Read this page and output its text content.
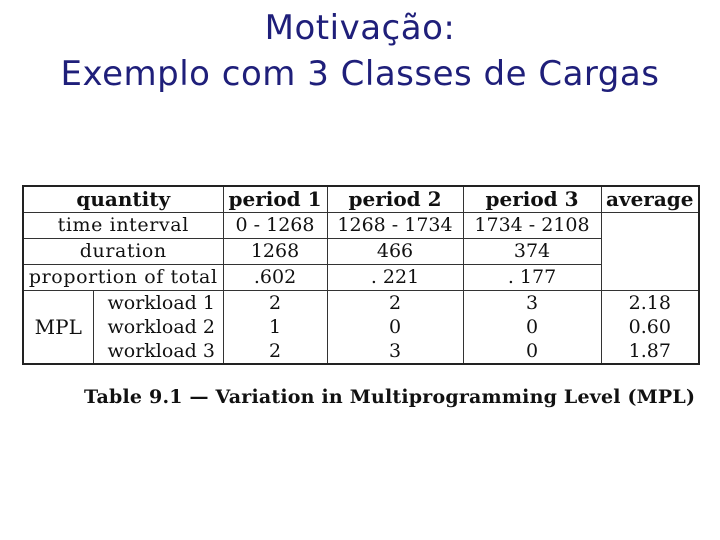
Motivação:
Exemplo com 3 Classes de Cargas
quantity		period 1	period 2	period 3	average
time interval		0 - 1268	1268 - 1734	1734 - 2108	
duration		1268	466	374	
proportion of total		.602	. 221	. 177	
MPL	workload 1	2	2	3	2.18
	workload 2	1	0	0	0.60
	workload 3	2	3	0	1.87
Table 9.1 — Variation in Multiprogramming Level (MPL)
